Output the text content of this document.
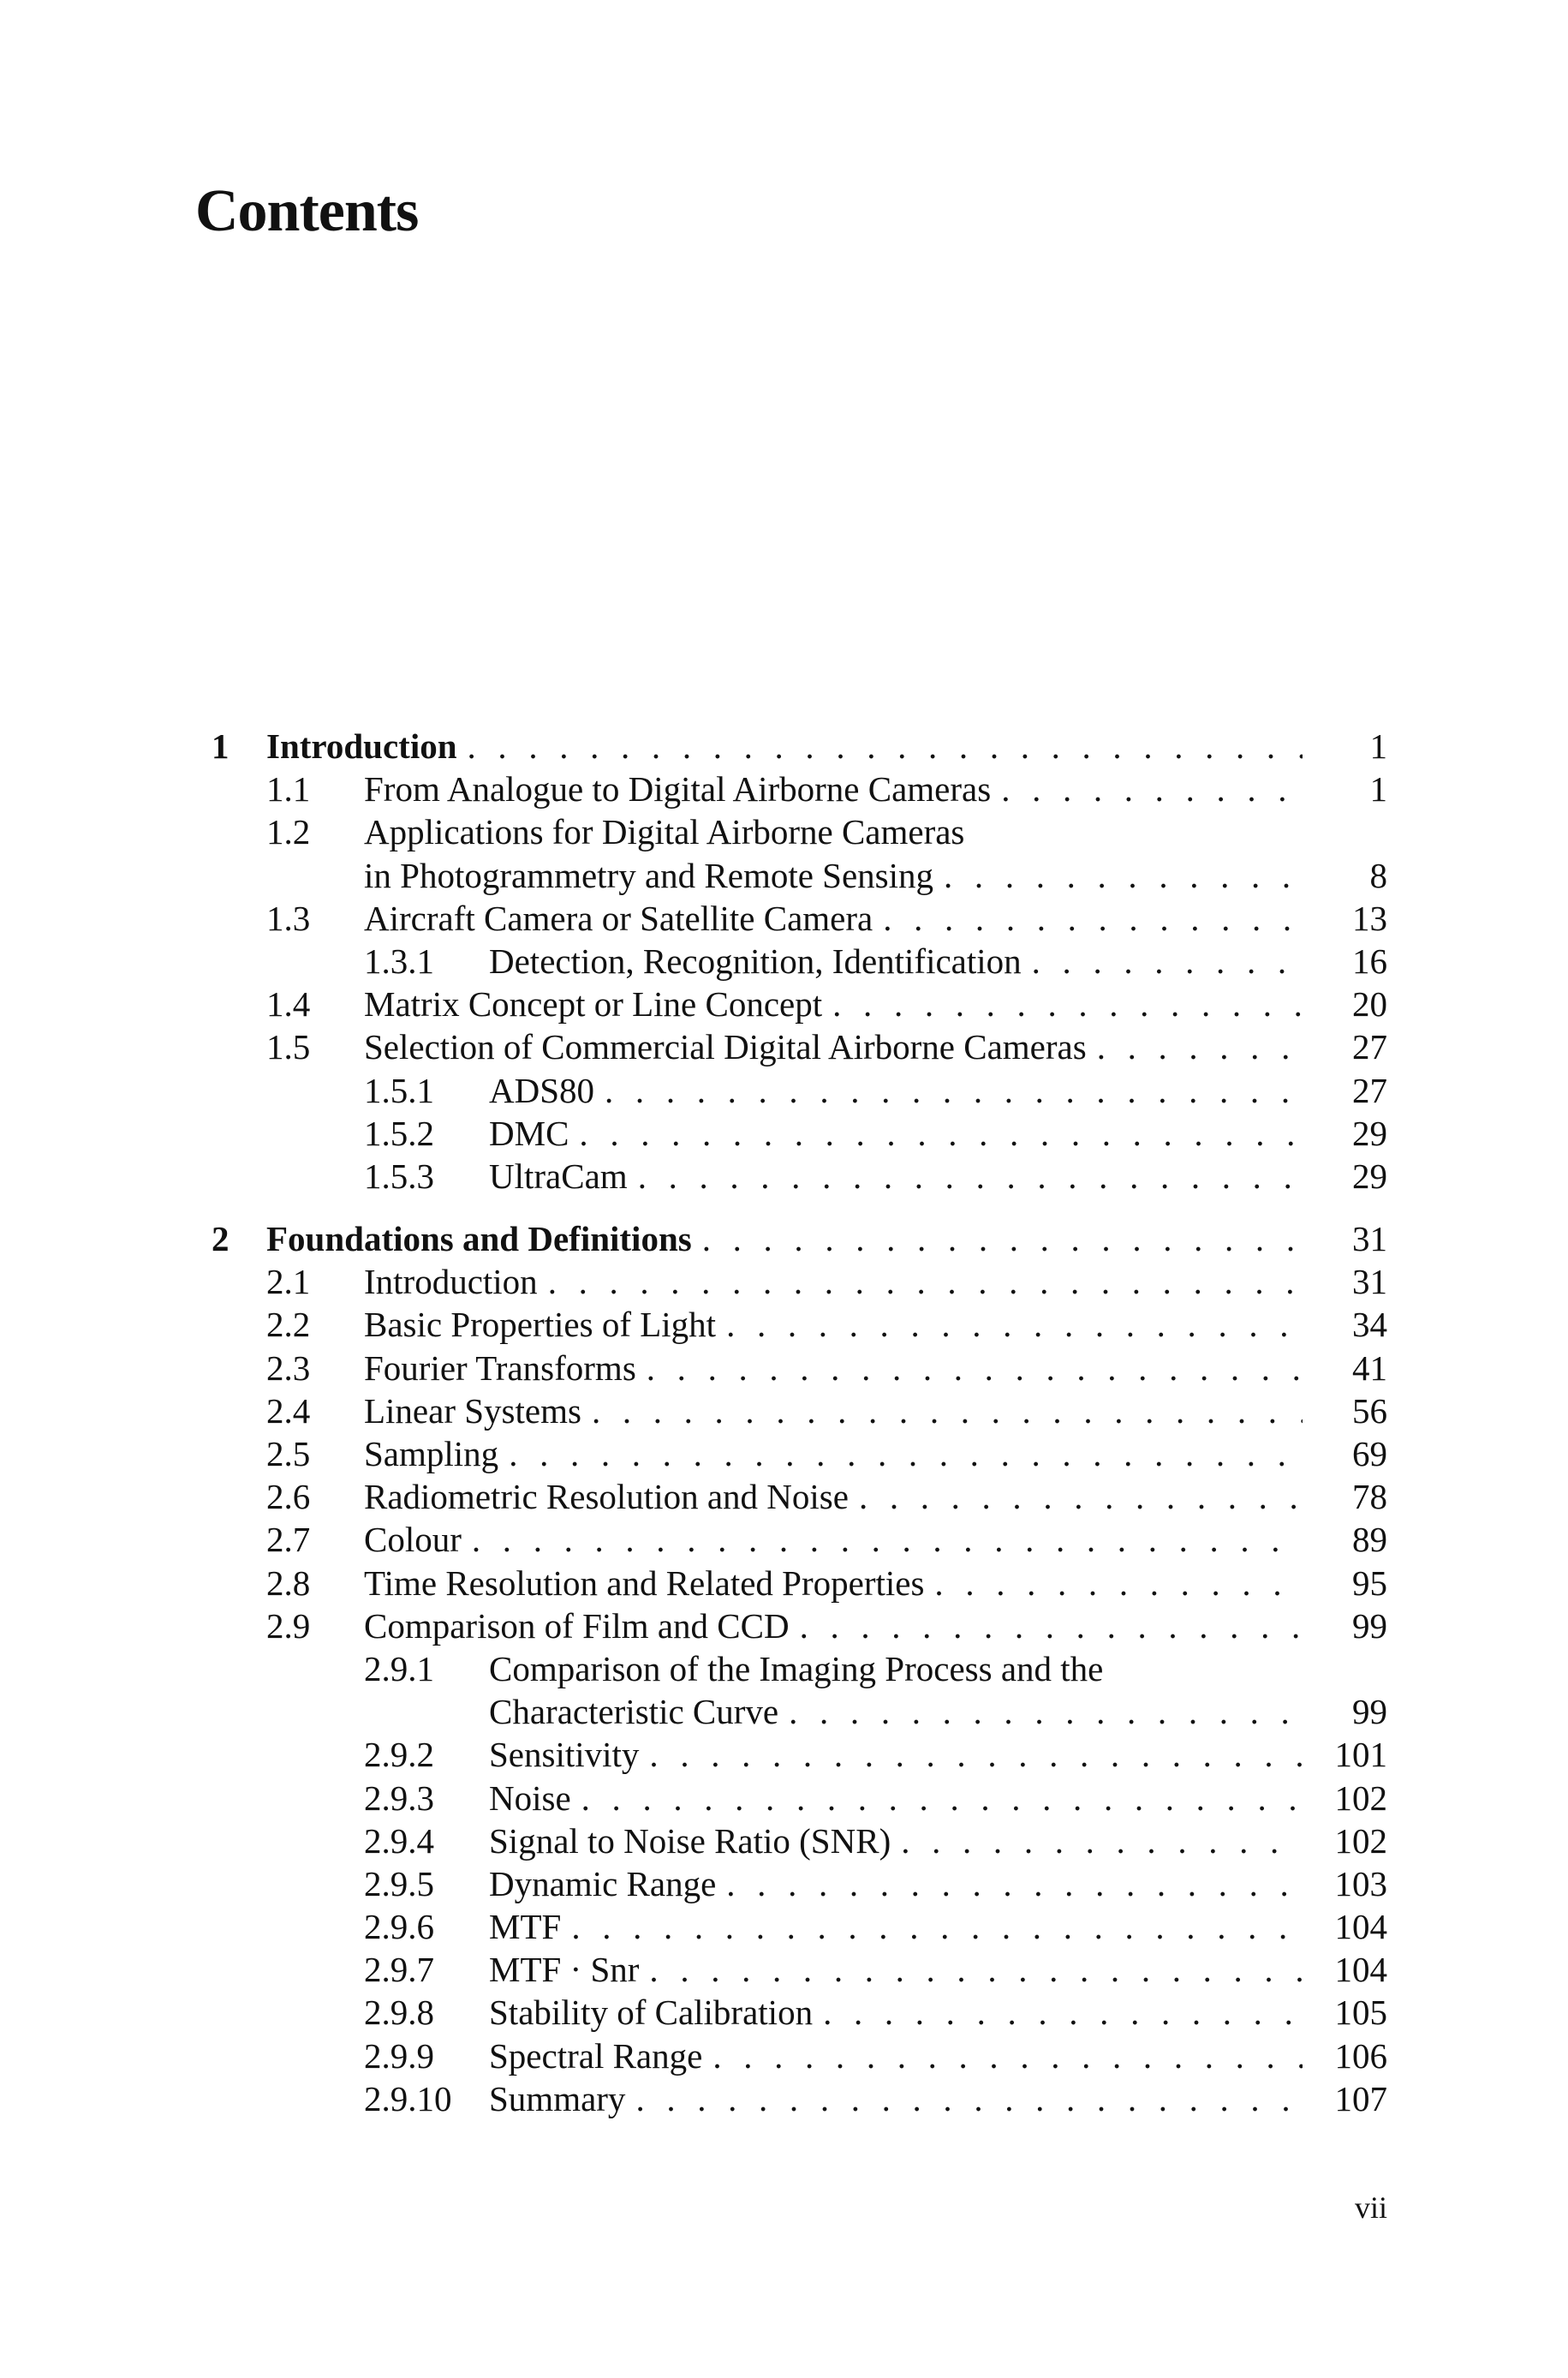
Contents
1 Introduction . . .	1
1.1 From Analogue to Digital Airborne Cameras . . .	1
1.2 Applications for Digital Airborne Cameras
in Photogrammetry and Remote Sensing . . .	8
1.3 Aircraft Camera or Satellite Camera . . .	13
1.3.1 Detection, Recognition, Identification . . .	16
1.4 Matrix Concept or Line Concept . . .	20
1.5 Selection of Commercial Digital Airborne Cameras . . .	27
1.5.1 ADS80 . . .	27
1.5.2 DMC . . .	29
1.5.3 UltraCam . . .	29
2 Foundations and Definitions . . .	31
2.1 Introduction . . .	31
2.2 Basic Properties of Light . . .	34
2.3 Fourier Transforms . . .	41
2.4 Linear Systems . . .	56
2.5 Sampling . . .	69
2.6 Radiometric Resolution and Noise . . .	78
2.7 Colour . . .	89
2.8 Time Resolution and Related Properties . . .	95
2.9 Comparison of Film and CCD . . .	99
2.9.1 Comparison of the Imaging Process and the
Characteristic Curve . . .	99
2.9.2 Sensitivity . . .	101
2.9.3 Noise . . .	102
2.9.4 Signal to Noise Ratio (SNR) . . .	102
2.9.5 Dynamic Range . . .	103
2.9.6 MTF . . .	104
2.9.7 MTF · Snr . . .	104
2.9.8 Stability of Calibration . . .	105
2.9.9 Spectral Range . . .	106
2.9.10 Summary . . .	107
vii
